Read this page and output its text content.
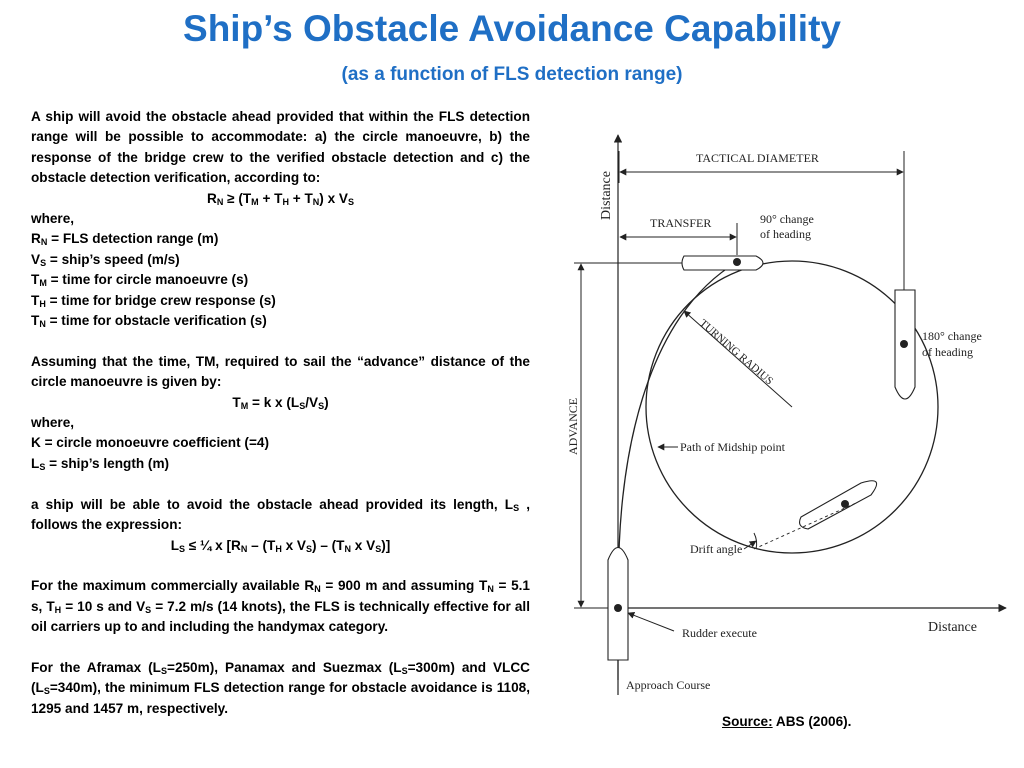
Ship’s Obstacle Avoidance Capability
(as a function of FLS detection range)

A ship will avoid the obstacle ahead provided that within the FLS detection range will be possible to accommodate: a) the circle manoeuvre, b) the response of the bridge crew to the verified obstacle detection and c) the obstacle detection verification, according to:

$R_N \ge (T_M + T_H + T_N)$ x $V_S$

where,

$R_N$ = FLS detection range (m)

$V_S$ = ship’s speed (m/s)

$T_M$ = time for circle manoeuvre (s)

$T_H$ = time for bridge crew response (s)

$T_N$ = time for obstacle verification (s)

Assuming that the time, TM, required to sail the “advance” distance of the circle manoeuvre is given by:

$T_M = k$ x $(L_S/V_S)$

where,

K = circle monoeuvre coefficient (=4)

$L_S$ = ship’s length (m)

a ship will be able to avoid the obstacle ahead provided its length, $L_S$ , follows the expression:

$L_S$ ≤ ¼ x [$R_N - (T_H$ x $V_S) - (T_N$ x $V_S$)]

For the maximum commercially available $R_N = 900$ m and assuming $T_N = 5.1$ s, $T_H = 10$ s and $V_S = 7.2$ m/s (14 knots), the FLS is technically effective for all oil carriers up to and including the handymax category.

For the Aframax $(L_S=250m)$, Panamax and Suezmax $(L_S=300m)$ and VLCC $(L_S=340m)$, the minimum FLS detection range for obstacle avoidance is 1108, 1295 and 1457 m, respectively.

Distance
TACTICAL DIAMETER
TRANSFER	90° change
of heading
ADVANCE
Distance
TURNING RADIUS
Path of Midship point
180° change
of heading
Drift angle
Rudder execute
Approach Course
Source: ABS (2006).
